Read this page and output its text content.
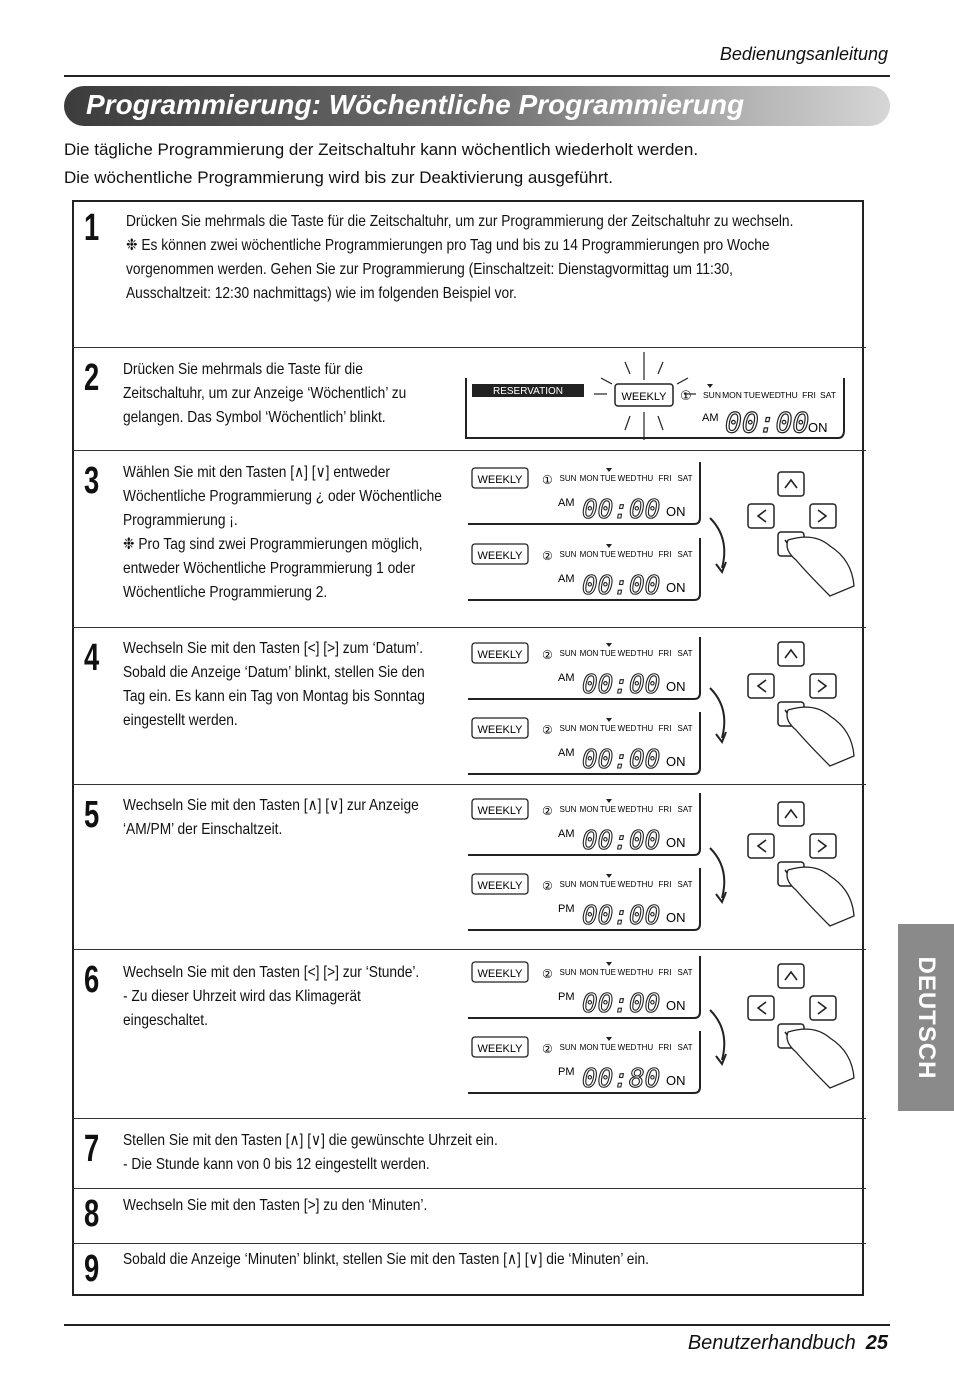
Bedienungsanleitung
Programmierung: Wöchentliche Programmierung
Die tägliche Programmierung der Zeitschaltuhr kann wöchentlich wiederholt werden.
Die wöchentliche Programmierung wird bis zur Deaktivierung ausgeführt.
1
2
3
4
5
6
7
8
9
Drücken Sie mehrmals die Taste für die Zeitschaltuhr, um zur Programmierung der Zeitschaltuhr zu wechseln.
❉ Es können zwei wöchentliche Programmierungen pro Tag und bis zu 14 Programmierungen pro Woche
vorgenommen werden. Gehen Sie zur Programmierung (Einschaltzeit: Dienstagvormittag um 11:30,
Ausschaltzeit: 12:30 nachmittags) wie im folgenden Beispiel vor.
Drücken Sie mehrmals die Taste für die
Zeitschaltuhr, um zur Anzeige ‘Wöchentlich’ zu
gelangen. Das Symbol ‘Wöchentlich’ blinkt.
Wählen Sie mit den Tasten [∧] [∨] entweder
Wöchentliche Programmierung ¿ oder Wöchentliche
Programmierung ¡.
❉ Pro Tag sind zwei Programmierungen möglich,
entweder Wöchentliche Programmierung 1 oder
Wöchentliche Programmierung 2.
Wechseln Sie mit den Tasten [<] [>] zum ‘Datum’.
Sobald die Anzeige ‘Datum’ blinkt, stellen Sie den
Tag ein. Es kann ein Tag von Montag bis Sonntag
eingestellt werden.
Wechseln Sie mit den Tasten [∧] [∨] zur Anzeige
‘AM/PM’ der Einschaltzeit.
Wechseln Sie mit den Tasten [<] [>] zur ‘Stunde’.
- Zu dieser Uhrzeit wird das Klimagerät
eingeschaltet.
Stellen Sie mit den Tasten [∧] [∨] die gewünschte Uhrzeit ein.
- Die Stunde kann von 0 bis 12 eingestellt werden.
Wechseln Sie mit den Tasten [>] zu den ‘Minuten’.
Sobald die Anzeige ‘Minuten’ blinkt, stellen Sie mit den Tasten [∧] [∨] die ‘Minuten’ ein.
RESERVATION	WEEKLY ① SUN MON TUE WED THU FRI SAT
AM 00:00
ON
WEEKLY ① SUN MON TUE WED THU FRI SAT
AM 00:00 ON
WEEKLY ② SUN MON TUE WED THU FRI SAT
AM 00:00 ON
WEEKLY ② SUN MON TUE WED THU FRI SAT
AM 00:00 ON
WEEKLY ② SUN MON TUE WED THU FRI SAT
AM 00:00 ON
WEEKLY ② SUN MON TUE WED THU FRI SAT
AM 00:00 ON
WEEKLY ② SUN MON TUE WED THU FRI SAT
PM 00:00 ON
WEEKLY ② SUN MON TUE WED THU FRI SAT
PM 00:00 ON
WEEKLY ② SUN MON TUE WED THU FRI SAT
PM 00:80 ON
DEUTSCH
Benutzerhandbuch 25
